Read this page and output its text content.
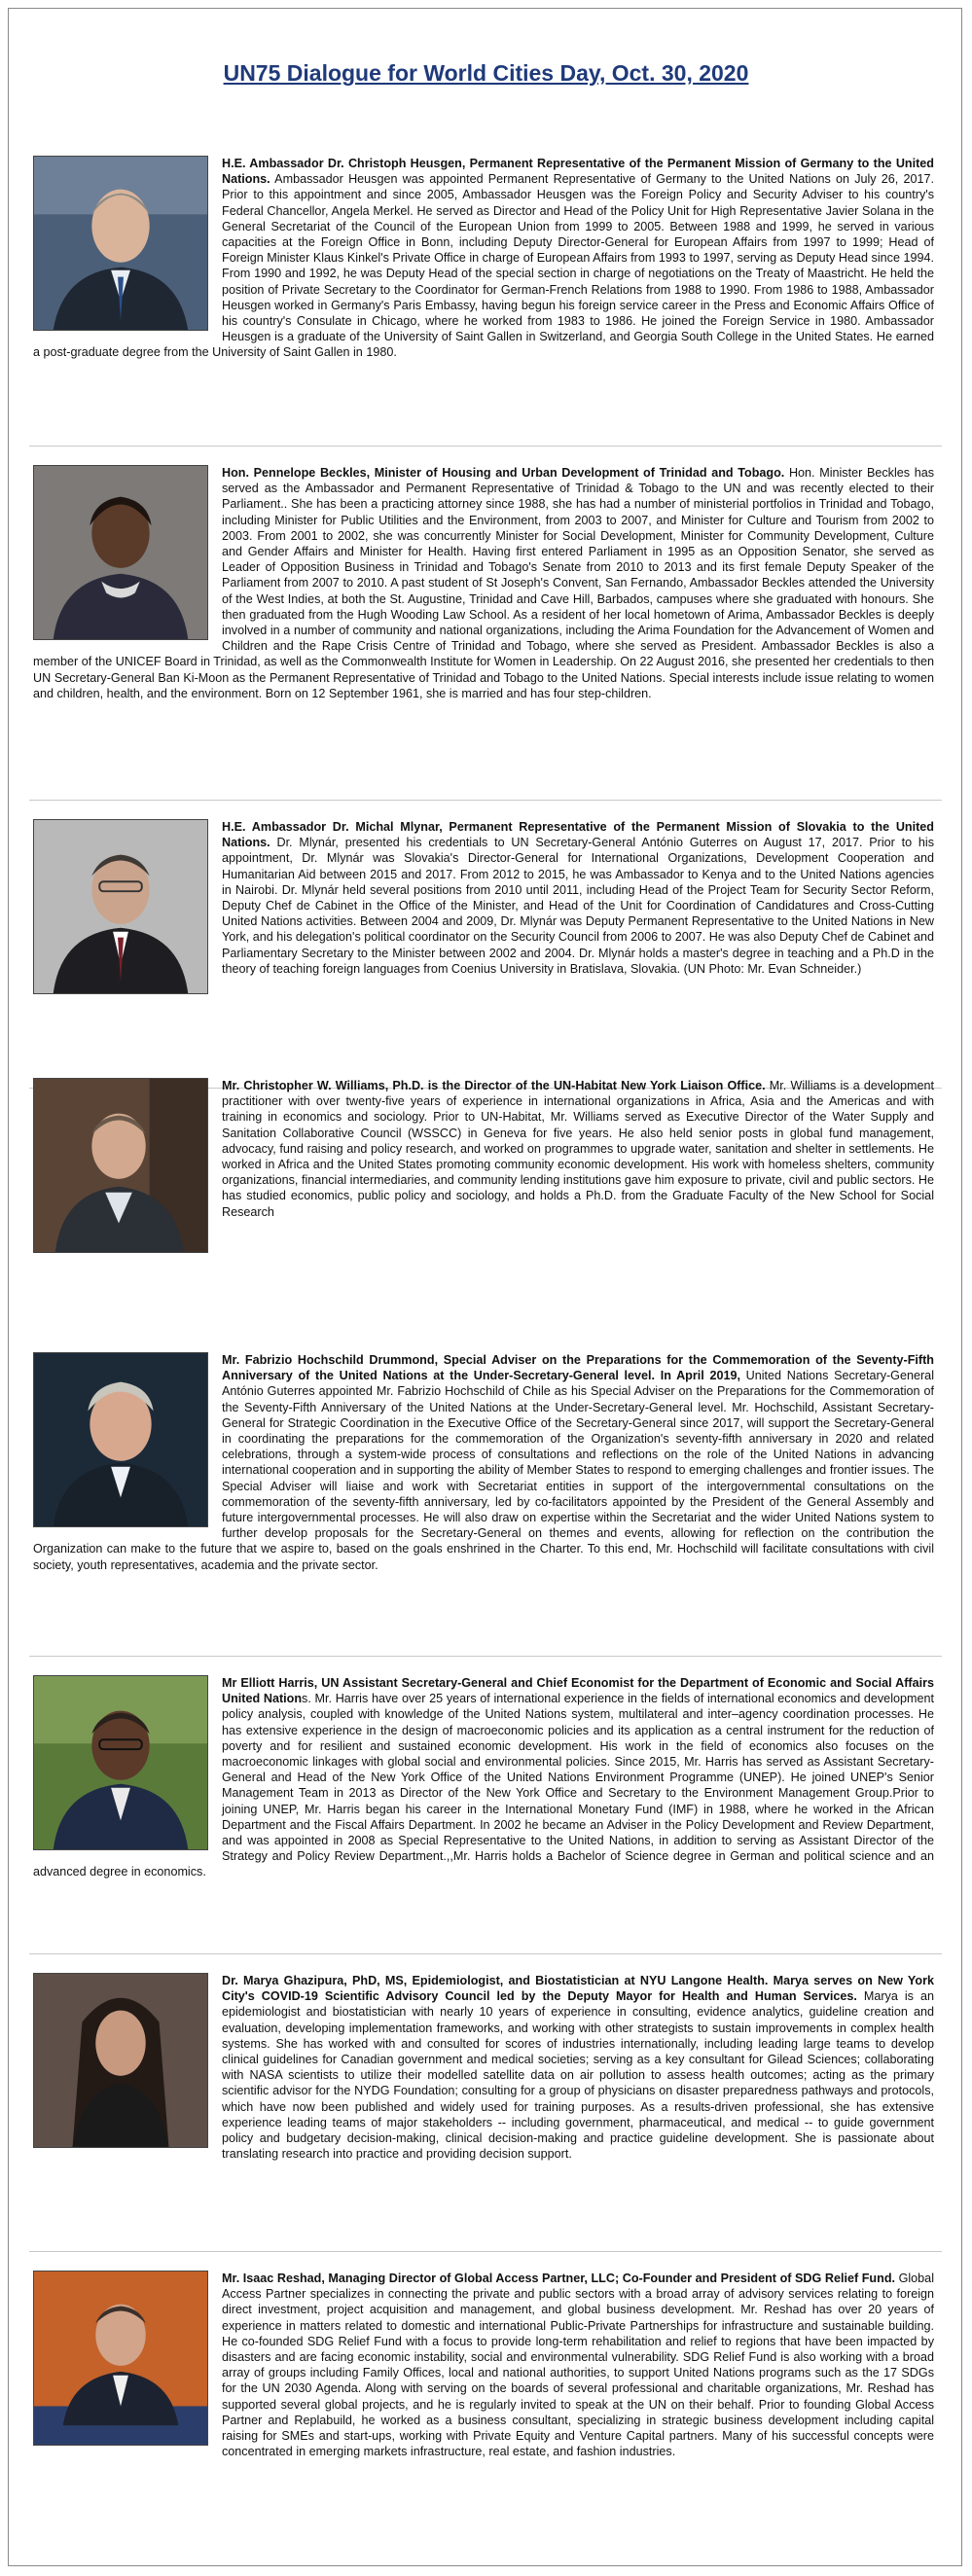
UN75 Dialogue for World Cities Day, Oct. 30, 2020
H.E. Ambassador Dr. Christoph Heusgen, Permanent Representative of the Permanent Mission of Germany to the United Nations. Ambassador Heusgen was appointed Permanent Representative of Germany to the United Nations on July 26, 2017. Prior to this appointment and since 2005, Ambassador Heusgen was the Foreign Policy and Security Adviser to his country's Federal Chancellor, Angela Merkel. He served as Director and Head of the Policy Unit for High Representative Javier Solana in the General Secretariat of the Council of the European Union from 1999 to 2005. Between 1988 and 1999, he served in various capacities at the Foreign Office in Bonn, including Deputy Director-General for European Affairs from 1997 to 1999; Head of Foreign Minister Klaus Kinkel's Private Office in charge of European Affairs from 1993 to 1997, serving as Deputy Head since 1994. From 1990 and 1992, he was Deputy Head of the special section in charge of negotiations on the Treaty of Maastricht. He held the position of Private Secretary to the Coordinator for German-French Relations from 1988 to 1990. From 1986 to 1988, Ambassador Heusgen worked in Germany's Paris Embassy, having begun his foreign service career in the Press and Economic Affairs Office of his country's Consulate in Chicago, where he worked from 1983 to 1986. He joined the Foreign Service in 1980. Ambassador Heusgen is a graduate of the University of Saint Gallen in Switzerland, and Georgia South College in the United States. He earned a post-graduate degree from the University of Saint Gallen in 1980.
Hon. Pennelope Beckles, Minister of Housing and Urban Development of Trinidad and Tobago. Hon. Minister Beckles has served as the Ambassador and Permanent Representative of Trinidad & Tobago to the UN and was recently elected to their Parliament.. She has been a practicing attorney since 1988, she has had a number of ministerial portfolios in Trinidad and Tobago, including Minister for Public Utilities and the Environment, from 2003 to 2007, and Minister for Culture and Tourism from 2002 to 2003. From 2001 to 2002, she was concurrently Minister for Social Development, Minister for Community Development, Culture and Gender Affairs and Minister for Health. Having first entered Parliament in 1995 as an Opposition Senator, she served as Leader of Opposition Business in Trinidad and Tobago's Senate from 2010 to 2013 and its first female Deputy Speaker of the Parliament from 2007 to 2010. A past student of St Joseph's Convent, San Fernando, Ambassador Beckles attended the University of the West Indies, at both the St. Augustine, Trinidad and Cave Hill, Barbados, campuses where she graduated with honours. She then graduated from the Hugh Wooding Law School. As a resident of her local hometown of Arima, Ambassador Beckles is deeply involved in a number of community and national organizations, including the Arima Foundation for the Advancement of Women and Children and the Rape Crisis Centre of Trinidad and Tobago, where she served as President. Ambassador Beckles is also a member of the UNICEF Board in Trinidad, as well as the Commonwealth Institute for Women in Leadership. On 22 August 2016, she presented her credentials to then UN Secretary-General Ban Ki-Moon as the Permanent Representative of Trinidad and Tobago to the United Nations. Special interests include issue relating to women and children, health, and the environment. Born on 12 September 1961, she is married and has four step-children.
H.E. Ambassador Dr. Michal Mlynar, Permanent Representative of the Permanent Mission of Slovakia to the United Nations. Dr. Mlynár, presented his credentials to UN Secretary-General António Guterres on August 17, 2017. Prior to his appointment, Dr. Mlynár was Slovakia's Director-General for International Organizations, Development Cooperation and Humanitarian Aid between 2015 and 2017. From 2012 to 2015, he was Ambassador to Kenya and to the United Nations agencies in Nairobi. Dr. Mlynár held several positions from 2010 until 2011, including Head of the Project Team for Security Sector Reform, Deputy Chef de Cabinet in the Office of the Minister, and Head of the Unit for Coordination of Candidatures and Cross-Cutting United Nations activities. Between 2004 and 2009, Dr. Mlynár was Deputy Permanent Representative to the United Nations in New York, and his delegation's political coordinator on the Security Council from 2006 to 2007. He was also Deputy Chef de Cabinet and Parliamentary Secretary to the Minister between 2002 and 2004. Dr. Mlynár holds a master's degree in teaching and a Ph.D in the theory of teaching foreign languages from Coenius University in Bratislava, Slovakia. (UN Photo: Mr. Evan Schneider.)
Mr. Christopher W. Williams, Ph.D. is the Director of the UN-Habitat New York Liaison Office. Mr. Williams is a development practitioner with over twenty-five years of experience in international organizations in Africa, Asia and the Americas and with training in economics and sociology. Prior to UN-Habitat, Mr. Williams served as Executive Director of the Water Supply and Sanitation Collaborative Council (WSSCC) in Geneva for five years. He also held senior posts in global fund management, advocacy, fund raising and policy research, and worked on programmes to upgrade water, sanitation and shelter in settlements. He worked in Africa and the United States promoting community economic development. His work with homeless shelters, community organizations, financial intermediaries, and community lending institutions gave him exposure to private, civil and public sectors. He has studied economics, public policy and sociology, and holds a Ph.D. from the Graduate Faculty of the New School for Social Research
Mr. Fabrizio Hochschild Drummond, Special Adviser on the Preparations for the Commemoration of the Seventy-Fifth Anniversary of the United Nations at the Under-Secretary-General level. In April 2019, United Nations Secretary-General António Guterres appointed Mr. Fabrizio Hochschild of Chile as his Special Adviser on the Preparations for the Commemoration of the Seventy-Fifth Anniversary of the United Nations at the Under-Secretary-General level. Mr. Hochschild, Assistant Secretary-General for Strategic Coordination in the Executive Office of the Secretary-General since 2017, will support the Secretary-General in coordinating the preparations for the commemoration of the Organization's seventy-fifth anniversary in 2020 and related celebrations, through a system-wide process of consultations and reflections on the role of the United Nations in advancing international cooperation and in supporting the ability of Member States to respond to emerging challenges and frontier issues. The Special Adviser will liaise and work with Secretariat entities in support of the intergovernmental consultations on the commemoration of the seventy-fifth anniversary, led by co-facilitators appointed by the President of the General Assembly and future intergovernmental processes. He will also draw on expertise within the Secretariat and the wider United Nations system to further develop proposals for the Secretary-General on themes and events, allowing for reflection on the contribution the Organization can make to the future that we aspire to, based on the goals enshrined in the Charter. To this end, Mr. Hochschild will facilitate consultations with civil society, youth representatives, academia and the private sector.
Mr Elliott Harris, UN Assistant Secretary-General and Chief Economist for the Department of Economic and Social Affairs United Nations. Mr. Harris have over 25 years of international experience in the fields of international economics and development policy analysis, coupled with knowledge of the United Nations system, multilateral and inter–agency coordination processes. He has extensive experience in the design of macroeconomic policies and its application as a central instrument for the reduction of poverty and for resilient and sustained economic development. His work in the field of economics also focuses on the macroeconomic linkages with global social and environmental policies. Since 2015, Mr. Harris has served as Assistant Secretary-General and Head of the New York Office of the United Nations Environment Programme (UNEP). He joined UNEP's Senior Management Team in 2013 as Director of the New York Office and Secretary to the Environment Management Group.Prior to joining UNEP, Mr. Harris began his career in the International Monetary Fund (IMF) in 1988, where he worked in the African Department and the Fiscal Affairs Department. In 2002 he became an Adviser in the Policy Development and Review Department, and was appointed in 2008 as Special Representative to the United Nations, in addition to serving as Assistant Director of the Strategy and Policy Review Department.,,Mr. Harris holds a Bachelor of Science degree in German and political science and an advanced degree in economics.
Dr. Marya Ghazipura, PhD, MS, Epidemiologist, and Biostatistician at NYU Langone Health. Marya serves on New York City's COVID-19 Scientific Advisory Council led by the Deputy Mayor for Health and Human Services. Marya is an epidemiologist and biostatistician with nearly 10 years of experience in consulting, evidence analytics, guideline creation and evaluation, developing implementation frameworks, and working with other strategists to sustain improvements in complex health systems. She has worked with and consulted for scores of industries internationally, including leading large teams to develop clinical guidelines for Canadian government and medical societies; serving as a key consultant for Gilead Sciences; collaborating with NASA scientists to utilize their modelled satellite data on air pollution to assess health outcomes; acting as the primary scientific advisor for the NYDG Foundation; consulting for a group of physicians on disaster preparedness pathways and protocols, which have now been published and widely used for training purposes. As a results-driven professional, she has extensive experience leading teams of major stakeholders -- including government, pharmaceutical, and medical -- to guide government policy and budgetary decision-making, clinical decision-making and practice guideline development. She is passionate about translating research into practice and providing decision support.
Mr. Isaac Reshad, Managing Director of Global Access Partner, LLC; Co-Founder and President of SDG Relief Fund. Global Access Partner specializes in connecting the private and public sectors with a broad array of advisory services relating to foreign direct investment, project acquisition and management, and global business development. Mr. Reshad has over 20 years of experience in matters related to domestic and international Public-Private Partnerships for infrastructure and sustainable building. He co-founded SDG Relief Fund with a focus to provide long-term rehabilitation and relief to regions that have been impacted by disasters and are facing economic instability, social and environmental vulnerability. SDG Relief Fund is also working with a broad array of groups including Family Offices, local and national authorities, to support United Nations programs such as the 17 SDGs for the UN 2030 Agenda. Along with serving on the boards of several professional and charitable organizations, Mr. Reshad has supported several global projects, and he is regularly invited to speak at the UN on their behalf. Prior to founding Global Access Partner and Replabuild, he worked as a business consultant, specializing in strategic business development including capital raising for SMEs and start-ups, working with Private Equity and Venture Capital partners. Many of his successful concepts were concentrated in emerging markets infrastructure, real estate, and fashion industries.
